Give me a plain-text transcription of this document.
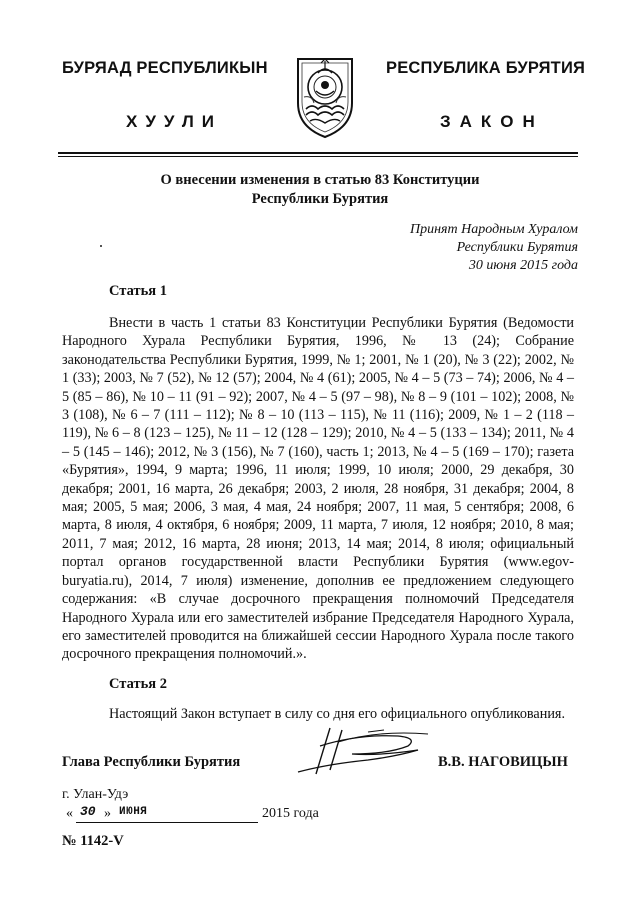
БУРЯАД РЕСПУБЛИКЫН	РЕСПУБЛИКА БУРЯТИЯ
ХУУЛИ	ЗАКОН
О внесении изменения в статью 83 Конституции
Республики Бурятия
Принят Народным Хуралом
Республики Бурятия
30 июня 2015 года
Статья 1
Внести в часть 1 статьи 83 Конституции Республики Бурятия (Ведомости Народного Хурала Республики Бурятия, 1996, № 13 (24); Собрание законодательства Республики Бурятия, 1999, № 1; 2001, № 1 (20), № 3 (22); 2002, № 1 (33); 2003, № 7 (52), № 12 (57); 2004, № 4 (61); 2005, № 4 – 5 (73 – 74); 2006, № 4 – 5 (85 – 86), № 10 – 11 (91 – 92); 2007, № 4 – 5 (97 – 98), № 8 – 9 (101 – 102); 2008, № 3 (108), № 6 – 7 (111 – 112); № 8 – 10 (113 – 115), № 11 (116); 2009, № 1 – 2 (118 – 119), № 6 – 8 (123 – 125), № 11 – 12 (128 – 129); 2010, № 4 – 5 (133 – 134); 2011, № 4 – 5 (145 – 146); 2012, № 3 (156), № 7 (160), часть 1; 2013, № 4 – 5 (169 – 170); газета «Бурятия», 1994, 9 марта; 1996, 11 июля; 1999, 10 июля; 2000, 29 декабря, 30 декабря; 2001, 16 марта, 26 декабря; 2003, 2 июля, 28 ноября, 31 декабря; 2004, 8 мая; 2005, 5 мая; 2006, 3 мая, 4 мая, 24 ноября; 2007, 11 мая, 5 сентября; 2008, 6 марта, 8 июля, 4 октября, 6 ноября; 2009, 11 марта, 7 июля, 12 ноября; 2010, 8 мая; 2011, 7 мая; 2012, 16 марта, 28 июня; 2013, 14 мая; 2014, 8 июля; официальный портал органов государственной власти Республики Бурятия (www.egov-buryatia.ru), 2014, 7 июля) изменение, дополнив ее предложением следующего содержания: «В случае досрочного прекращения полномочий Председателя Народного Хурала или его заместителей избрание Председателя Народного Хурала, его заместителей проводится на ближайшей сессии Народного Хурала после такого досрочного прекращения полномочий.».
Статья 2
Настоящий Закон вступает в силу со дня его официального опубликования.
Глава Республики Бурятия	В.В. НАГОВИЦЫН
г. Улан-Удэ
« 30 » ИЮНЯ	2015 года
№ 1142-V
